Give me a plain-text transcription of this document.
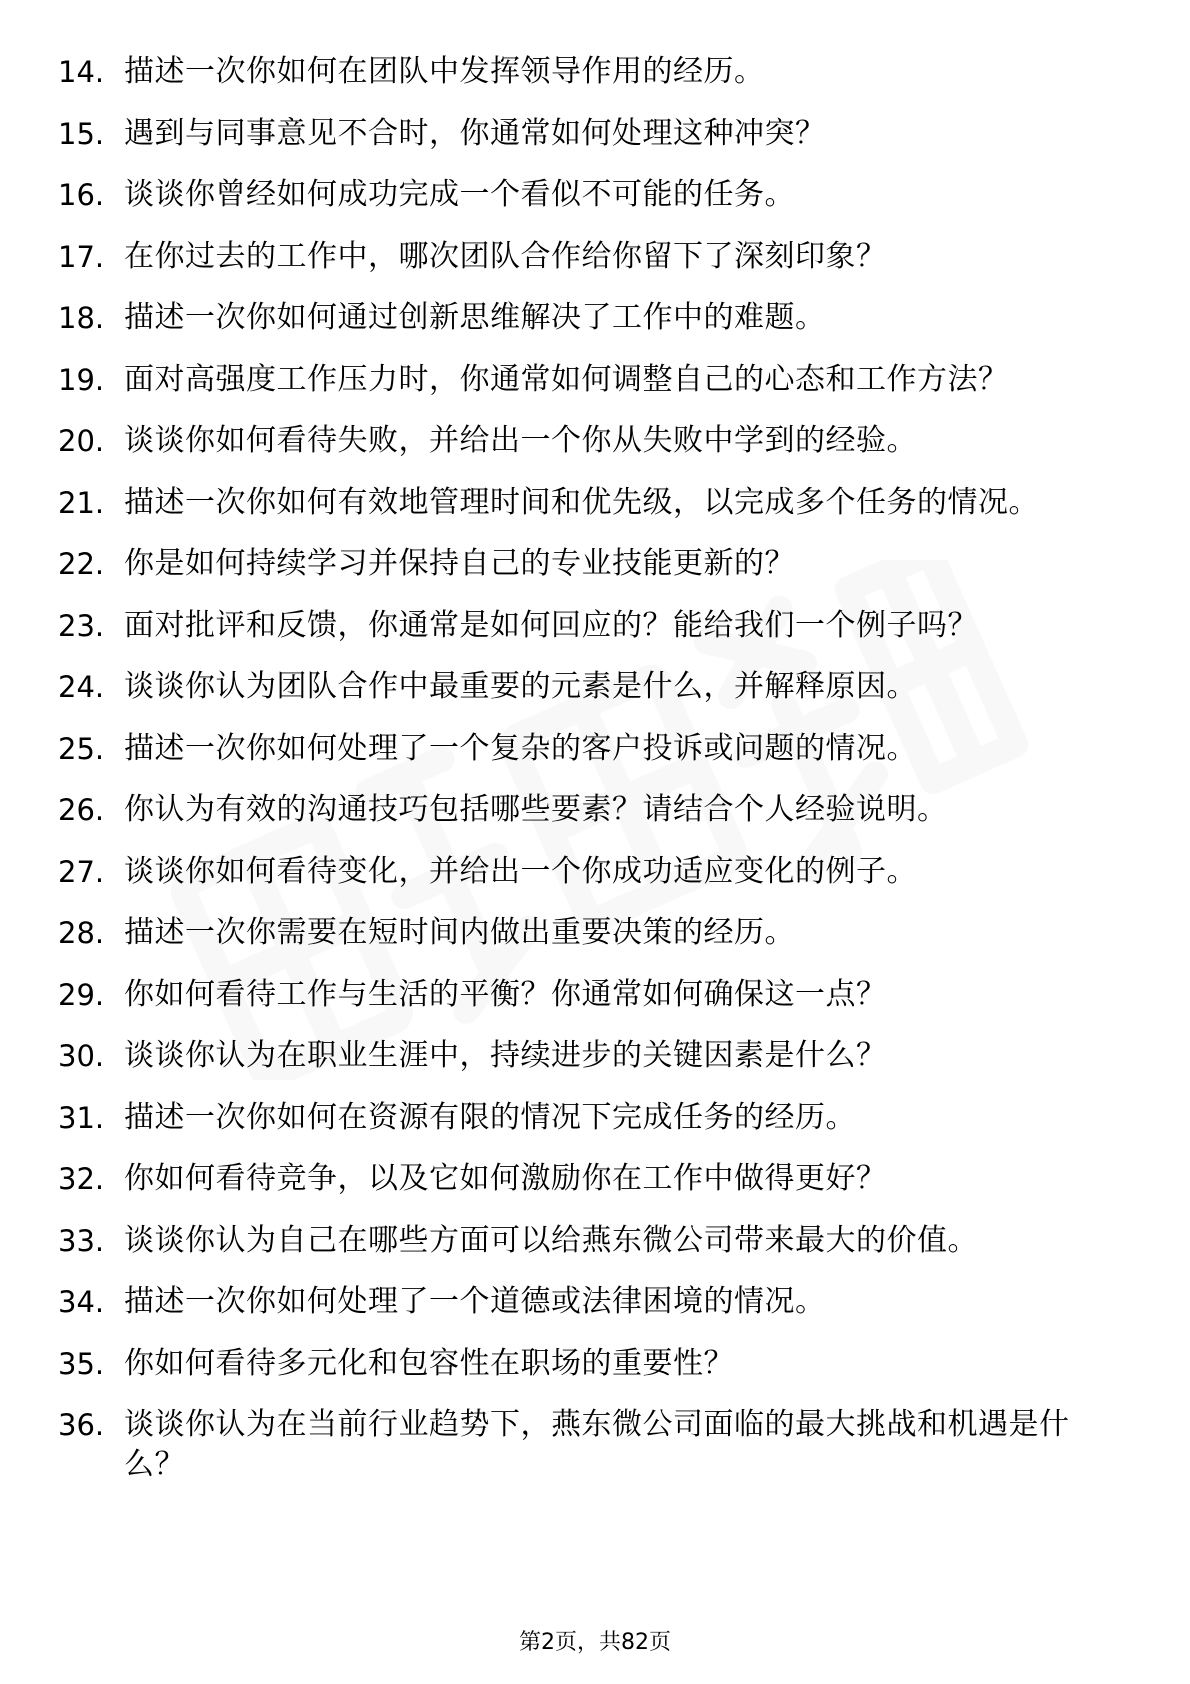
14. 描述一次你如何在团队中发挥领导作用的经历。
15. 遇到与同事意见不合时，你通常如何处理这种冲突？
16. 谈谈你曾经如何成功完成一个看似不可能的任务。
17. 在你过去的工作中，哪次团队合作给你留下了深刻印象？
18. 描述一次你如何通过创新思维解决了工作中的难题。
19. 面对高强度工作压力时，你通常如何调整自己的心态和工作方法？
20. 谈谈你如何看待失败，并给出一个你从失败中学到的经验。
21. 描述一次你如何有效地管理时间和优先级，以完成多个任务的情况。
22. 你是如何持续学习并保持自己的专业技能更新的？
23. 面对批评和反馈，你通常是如何回应的？能给我们一个例子吗？
24. 谈谈你认为团队合作中最重要的元素是什么，并解释原因。
25. 描述一次你如何处理了一个复杂的客户投诉或问题的情况。
26. 你认为有效的沟通技巧包括哪些要素？请结合个人经验说明。
27. 谈谈你如何看待变化，并给出一个你成功适应变化的例子。
28. 描述一次你需要在短时间内做出重要决策的经历。
29. 你如何看待工作与生活的平衡？你通常如何确保这一点？
30. 谈谈你认为在职业生涯中，持续进步的关键因素是什么？
31. 描述一次你如何在资源有限的情况下完成任务的经历。
32. 你如何看待竞争，以及它如何激励你在工作中做得更好？
33. 谈谈你认为自己在哪些方面可以给燕东微公司带来最大的价值。
34. 描述一次你如何处理了一个道德或法律困境的情况。
35. 你如何看待多元化和包容性在职场的重要性？
36. 谈谈你认为在当前行业趋势下，燕东微公司面临的最大挑战和机遇是什么？
第2页，共82页
